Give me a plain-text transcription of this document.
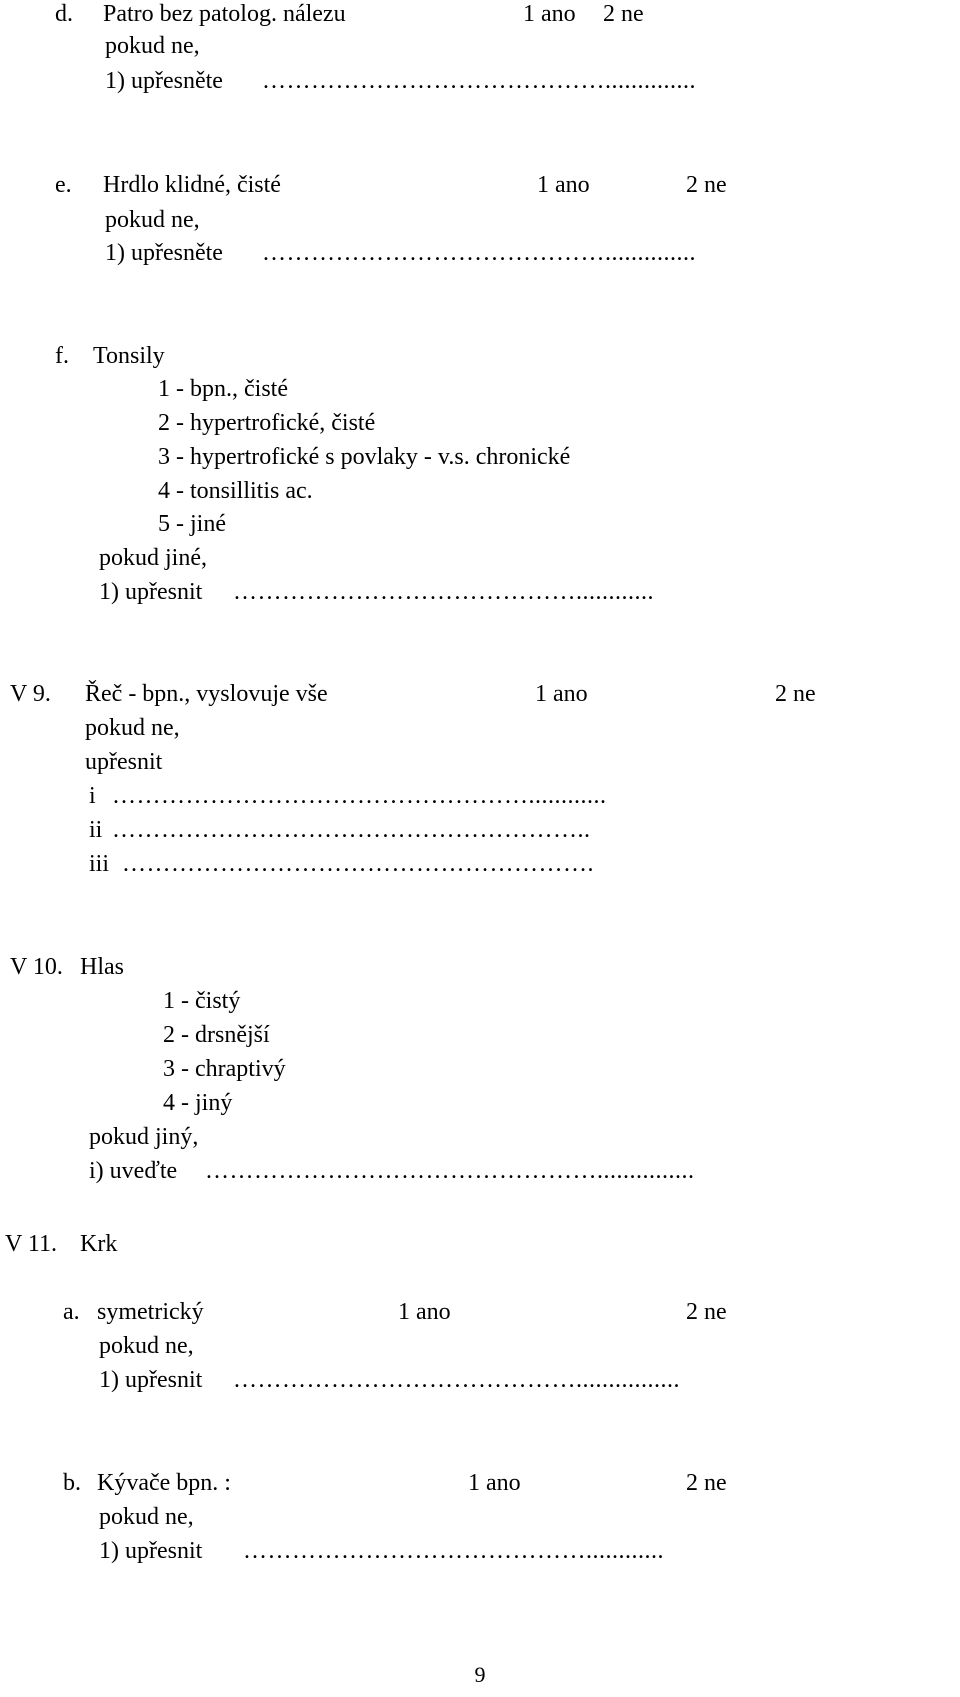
d. Patro bez patolog. nálezu	1 ano 2 ne
pokud ne,
1) upřesněte ……………………………………..............
e. Hrdlo klidné, čisté	1 ano	2 ne
pokud ne,
1) upřesněte ……………………………………..............
f. Tonsily
1 - bpn., čisté
2 - hypertrofické, čisté
3 - hypertrofické s povlaky - v.s. chronické
4 - tonsillitis ac.
5 - jiné
pokud jiné,
1) upřesnit ……………………………………............
V 9. Řeč - bpn., vyslovuje vše	1 ano	2 ne
pokud ne,
upřesnit
i ……………………………………………............
ii …………………………………………………..
iii ………………………………………………….
V 10. Hlas
1 - čistý
2 - drsnější
3 - chraptivý
4 - jiný
pokud jiný,
i) uveďte …………………………………………...............
V 11. Krk
a. symetrický	1 ano	2 ne
pokud ne,
1) upřesnit ……………………………………................
b. Kývače bpn. :	1 ano	2 ne
pokud ne,
1) upřesnit ……………………………………............
9
